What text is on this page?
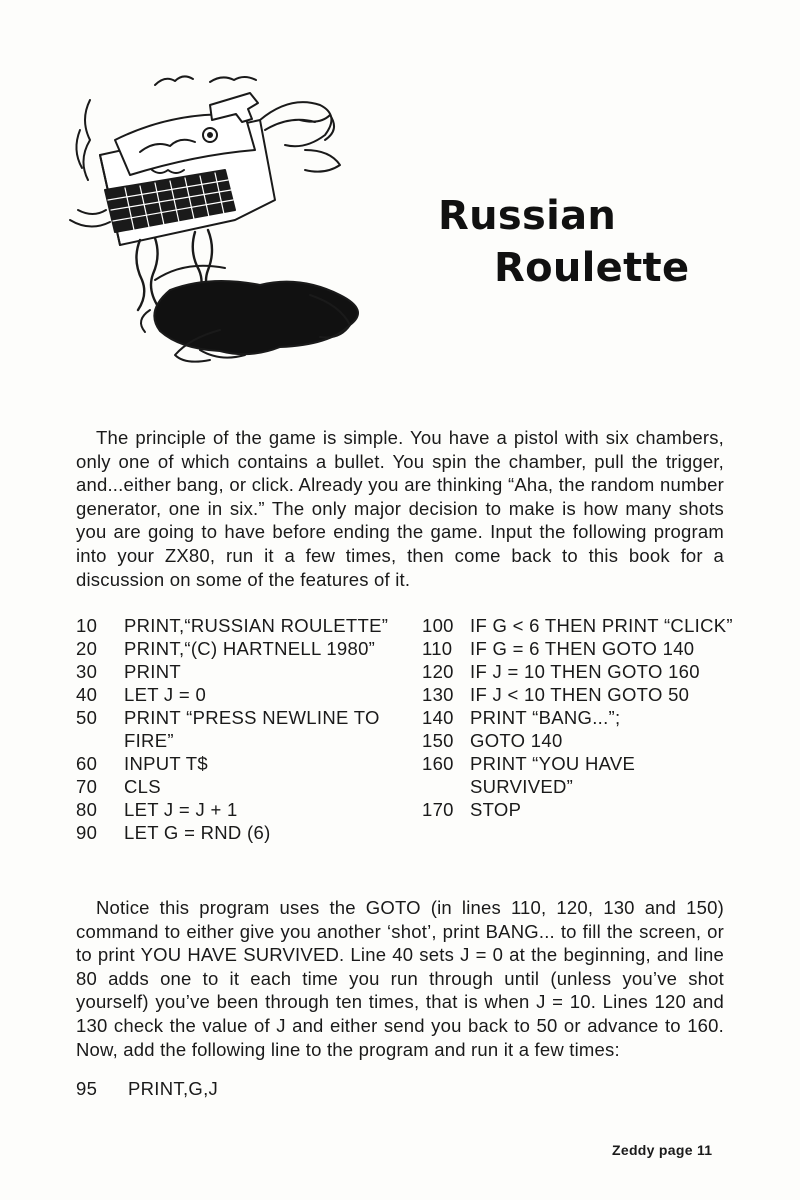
Russian
Roulette

The principle of the game is simple. You have a pistol with six chambers, only one of which contains a bullet. You spin the chamber, pull the trigger, and...either bang, or click. Already you are thinking “Aha, the random number generator, one in six.” The only major decision to make is how many shots you are going to have before ending the game. Input the following program into your ZX80, run it a few times, then come back to this book for a discussion on some of the features of it.

10	PRINT,“RUSSIAN ROULETTE”
20	PRINT,“(C) HARTNELL 1980”
30	PRINT
40	LET J = 0
50	PRINT “PRESS NEWLINE TO FIRE”
60	INPUT T$
70	CLS
80	LET J = J + 1
90	LET G = RND (6)
100 IF G < 6 THEN PRINT “CLICK”
110 IF G = 6 THEN GOTO 140
120 IF J = 10 THEN GOTO 160
130 IF J < 10 THEN GOTO 50
140 PRINT “BANG...”;
150 GOTO 140
160 PRINT “YOU HAVE SURVIVED”
170 STOP

Notice this program uses the GOTO (in lines 110, 120, 130 and 150) command to either give you another ‘shot’, print BANG... to fill the screen, or to print YOU HAVE SURVIVED. Line 40 sets J = 0 at the beginning, and line 80 adds one to it each time you run through until (unless you’ve shot yourself) you’ve been through ten times, that is when J = 10. Lines 120 and 130 check the value of J and either send you back to 50 or advance to 160. Now, add the following line to the program and run it a few times:

95	PRINT,G,J
Zeddy page 11
